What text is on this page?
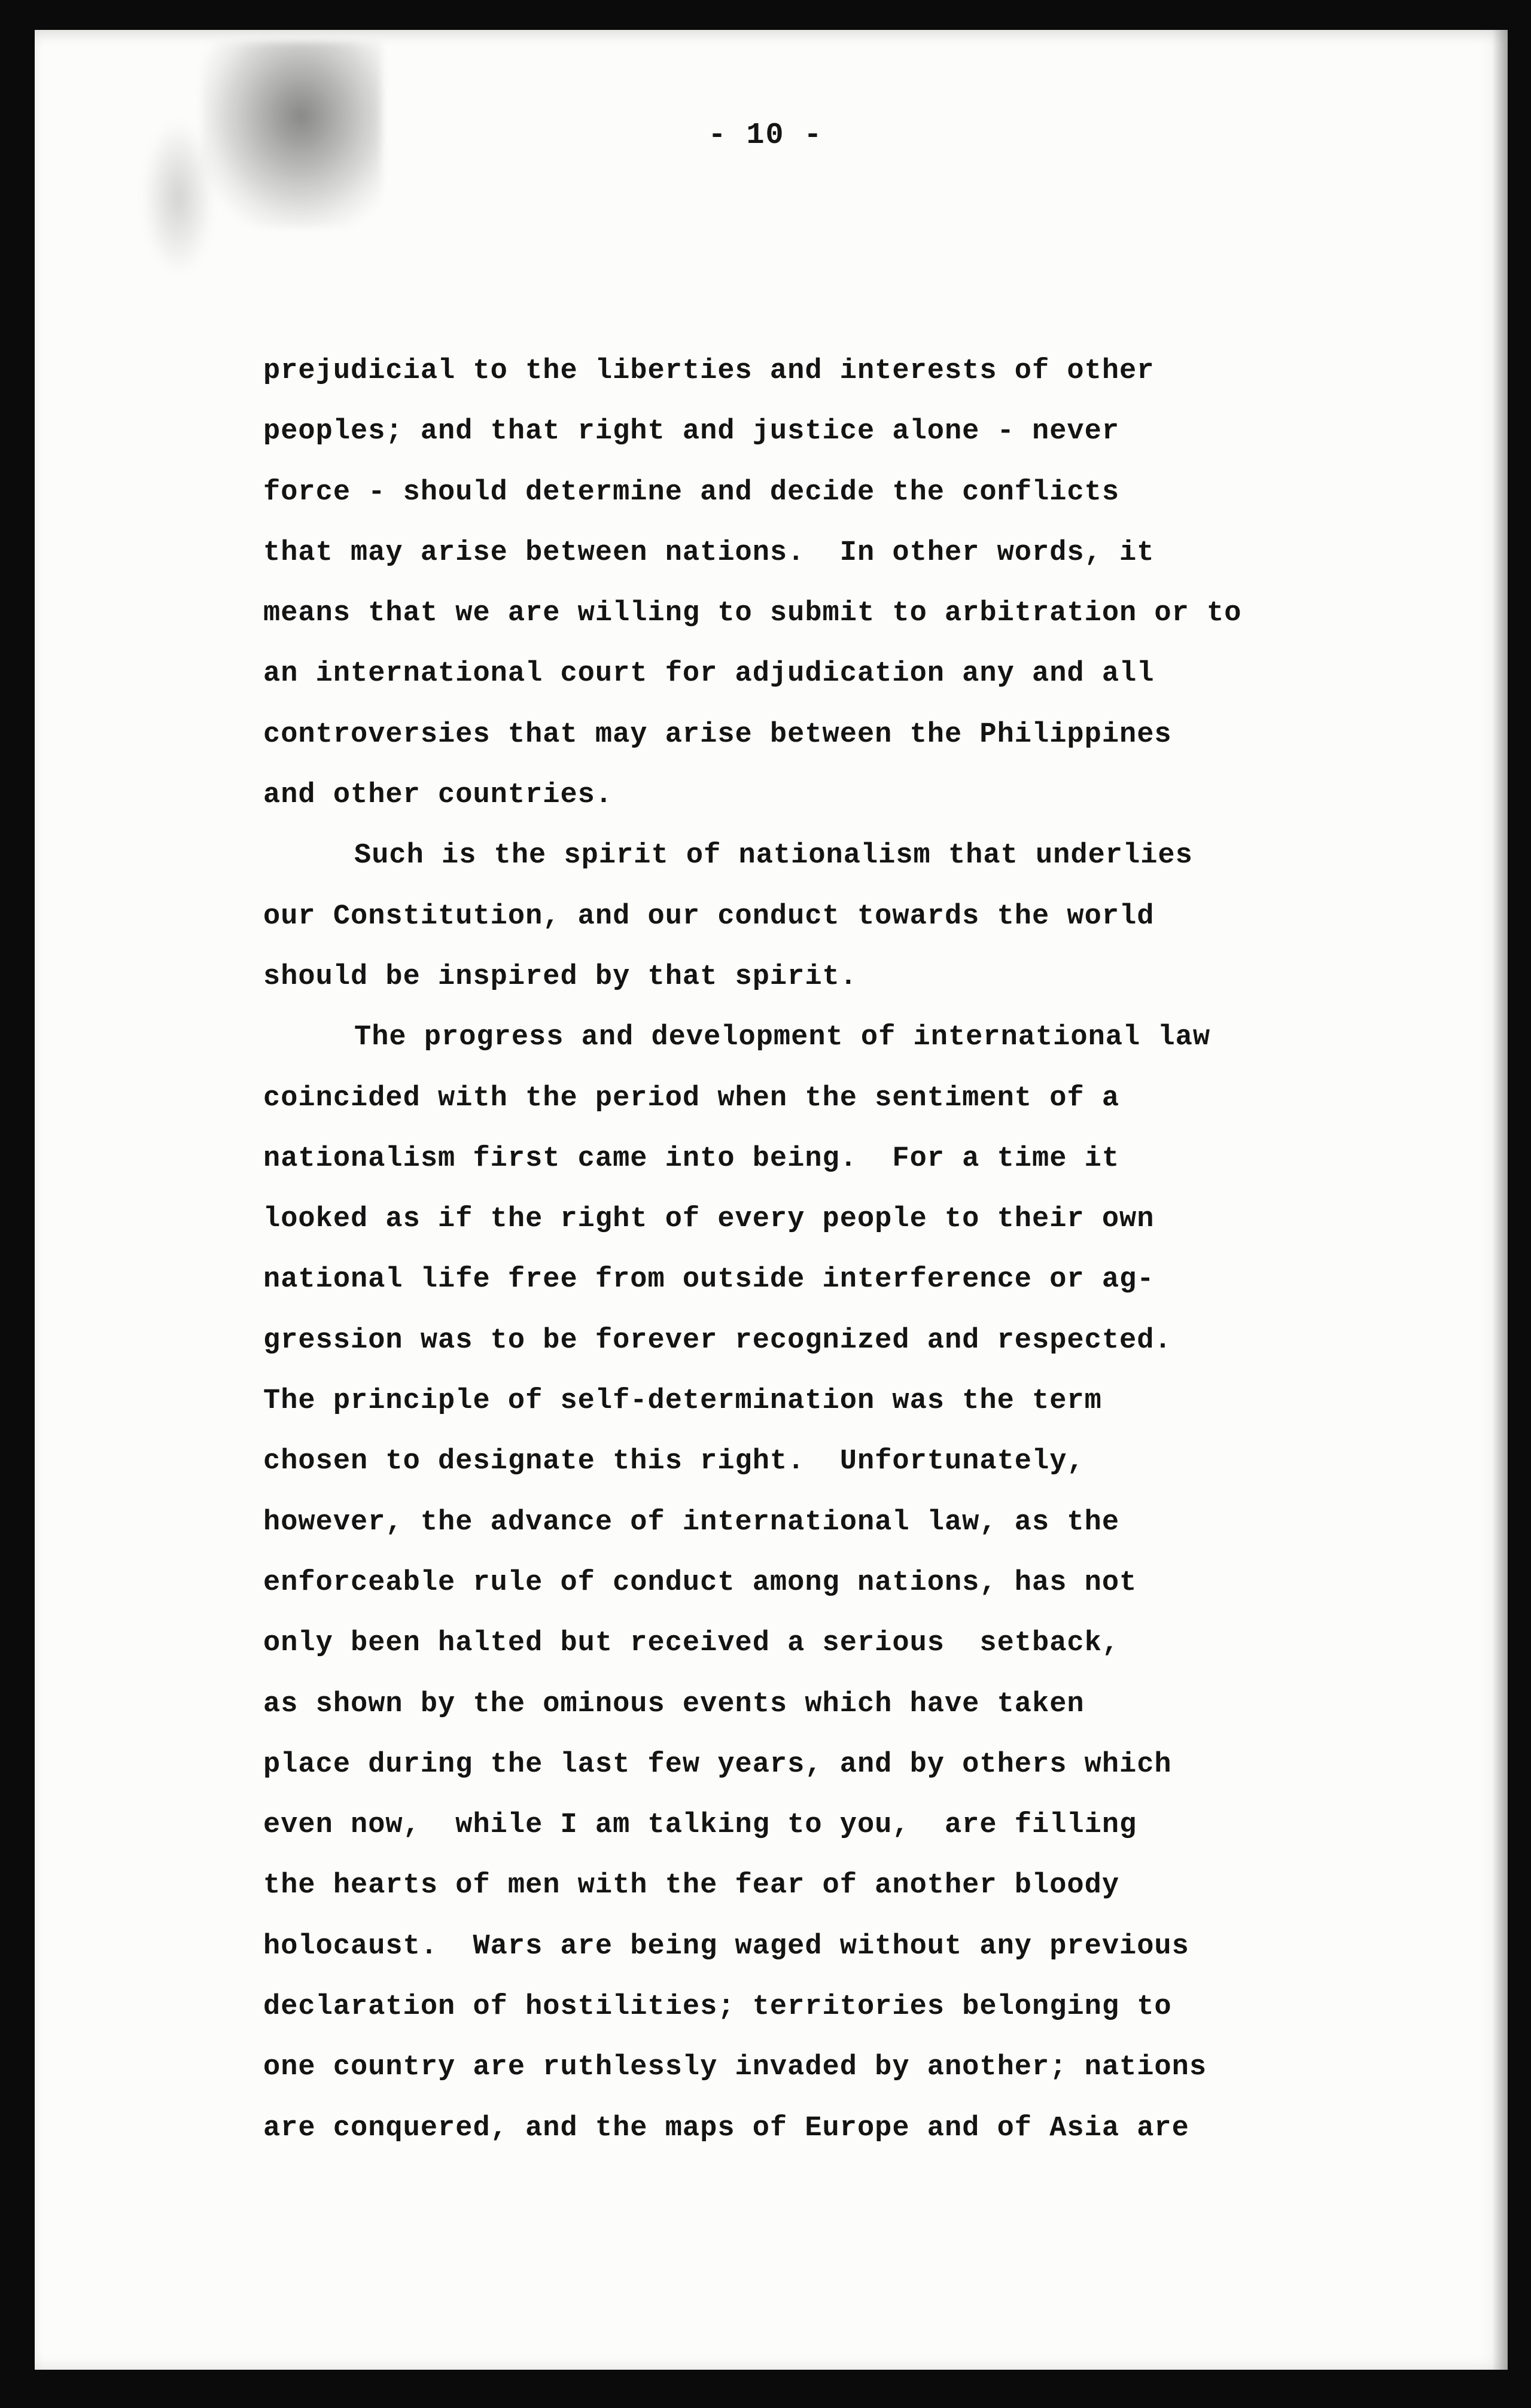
- 10 -
prejudicial to the liberties and interests of other
peoples; and that right and justice alone - never
force - should determine and decide the conflicts
that may arise between nations.  In other words, it
means that we are willing to submit to arbitration or to
an international court for adjudication any and all
controversies that may arise between the Philippines
and other countries.
Such is the spirit of nationalism that underlies
our Constitution, and our conduct towards the world
should be inspired by that spirit.
The progress and development of international law
coincided with the period when the sentiment of a
nationalism first came into being.  For a time it
looked as if the right of every people to their own
national life free from outside interference or ag-
gression was to be forever recognized and respected.
The principle of self-determination was the term
chosen to designate this right.  Unfortunately,
however, the advance of international law, as the
enforceable rule of conduct among nations, has not
only been halted but received a serious  setback,
as shown by the ominous events which have taken
place during the last few years, and by others which
even now,  while I am talking to you,  are filling
the hearts of men with the fear of another bloody
holocaust.  Wars are being waged without any previous
declaration of hostilities; territories belonging to
one country are ruthlessly invaded by another; nations
are conquered, and the maps of Europe and of Asia are
